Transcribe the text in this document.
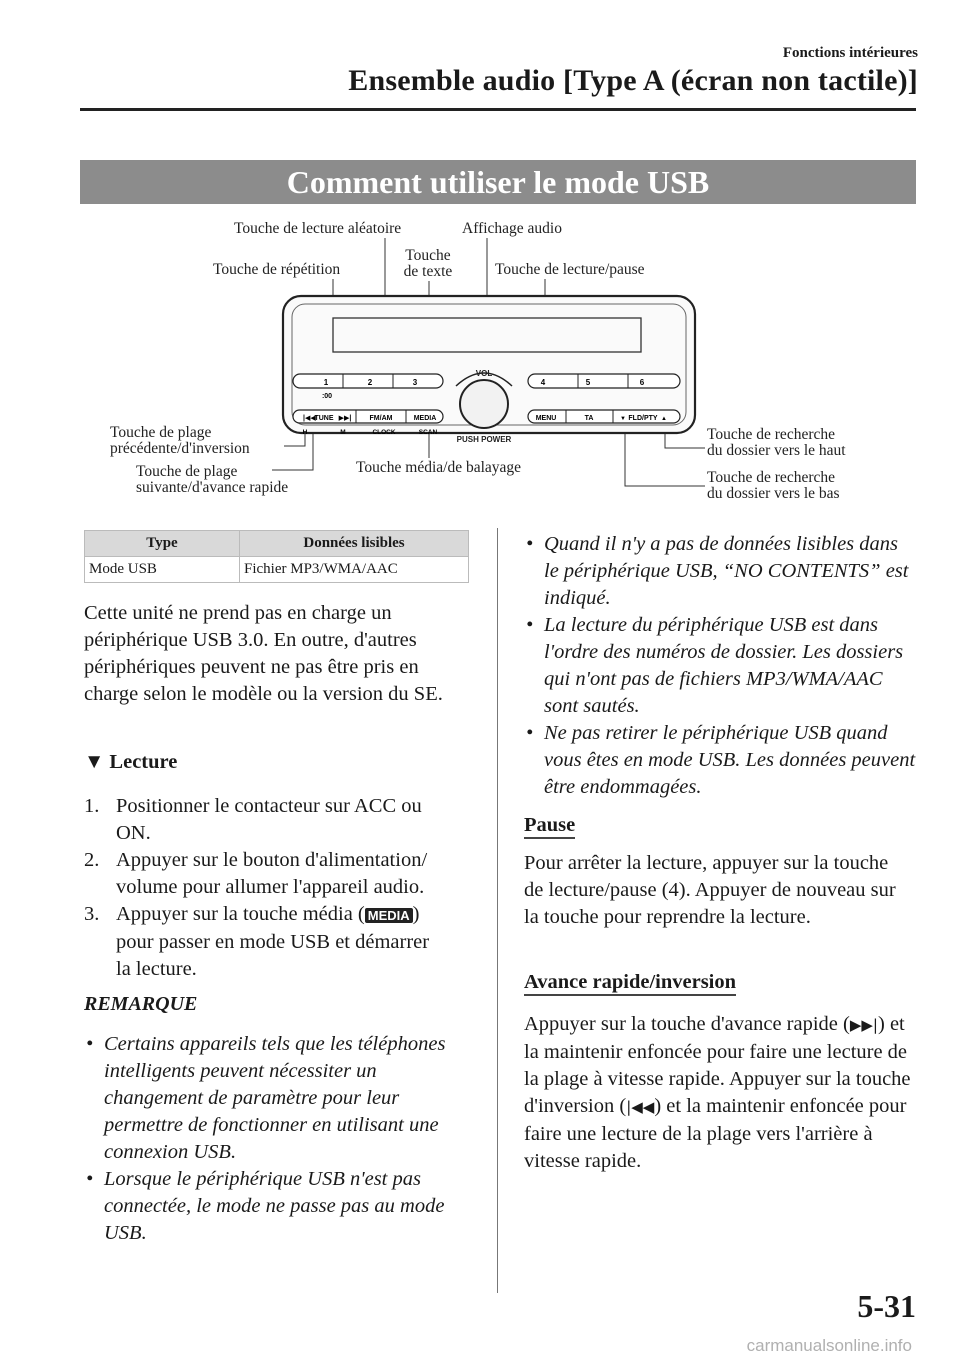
Fonctions intérieures
Ensemble audio [Type A (écran non tactile)]
Comment utiliser le mode USB
Touche de lecture aléatoire	Affichage audio
Touche de répétition
Touche
de texte	Touche de lecture/pause
Touche de plage
précédente/d'inversion
Touche de plage
suivante/d'avance rapide
Touche média/de balayage
Touche de recherche
du dossier vers le haut
Touche de recherche
du dossier vers le bas
VOL
PUSH POWER
1	2	3
:00
4	5	6
|◀◀
TUNE ▶▶|	FM/AM	MEDIA
H	M	CLOCK	SCAN
MENU	TA	▼ FLD/PTY ▲
Type	Données lisibles
Mode USB	Fichier MP3/WMA/AAC
Cette unité ne prend pas en charge un périphérique USB 3.0. En outre, d'autres périphériques peuvent ne pas être pris en charge selon le modèle ou la version du SE.
▼ Lecture
1. Positionner le contacteur sur ACC ou
ON.
2. Appuyer sur le bouton d'alimentation/
volume pour allumer l'appareil audio.
3. Appuyer sur la touche média ( MEDIA )
pour passer en mode USB et démarrer
la lecture.
REMARQUE
• Certains appareils tels que les téléphones intelligents peuvent nécessiter un changement de paramètre pour leur permettre de fonctionner en utilisant une connexion USB.
• Lorsque le périphérique USB n'est pas connectée, le mode ne passe pas au mode USB.
• Quand il n'y a pas de données lisibles dans le périphérique USB, “NO CONTENTS” est indiqué.
• La lecture du périphérique USB est dans l'ordre des numéros de dossier. Les dossiers qui n'ont pas de fichiers MP3/WMA/AAC sont sautés.
• Ne pas retirer le périphérique USB quand vous êtes en mode USB. Les données peuvent être endommagées.
Pause
Pour arrêter la lecture, appuyer sur la touche de lecture/pause (4). Appuyer de nouveau sur la touche pour reprendre la lecture.
Avance rapide/inversion
Appuyer sur la touche d'avance rapide (▶▶|) et la maintenir enfoncée pour faire une lecture de la plage à vitesse rapide. Appuyer sur la touche d'inversion (|◀◀) et la maintenir enfoncée pour faire une lecture de la plage vers l'arrière à vitesse rapide.
5-31
carmanualsonline.info
